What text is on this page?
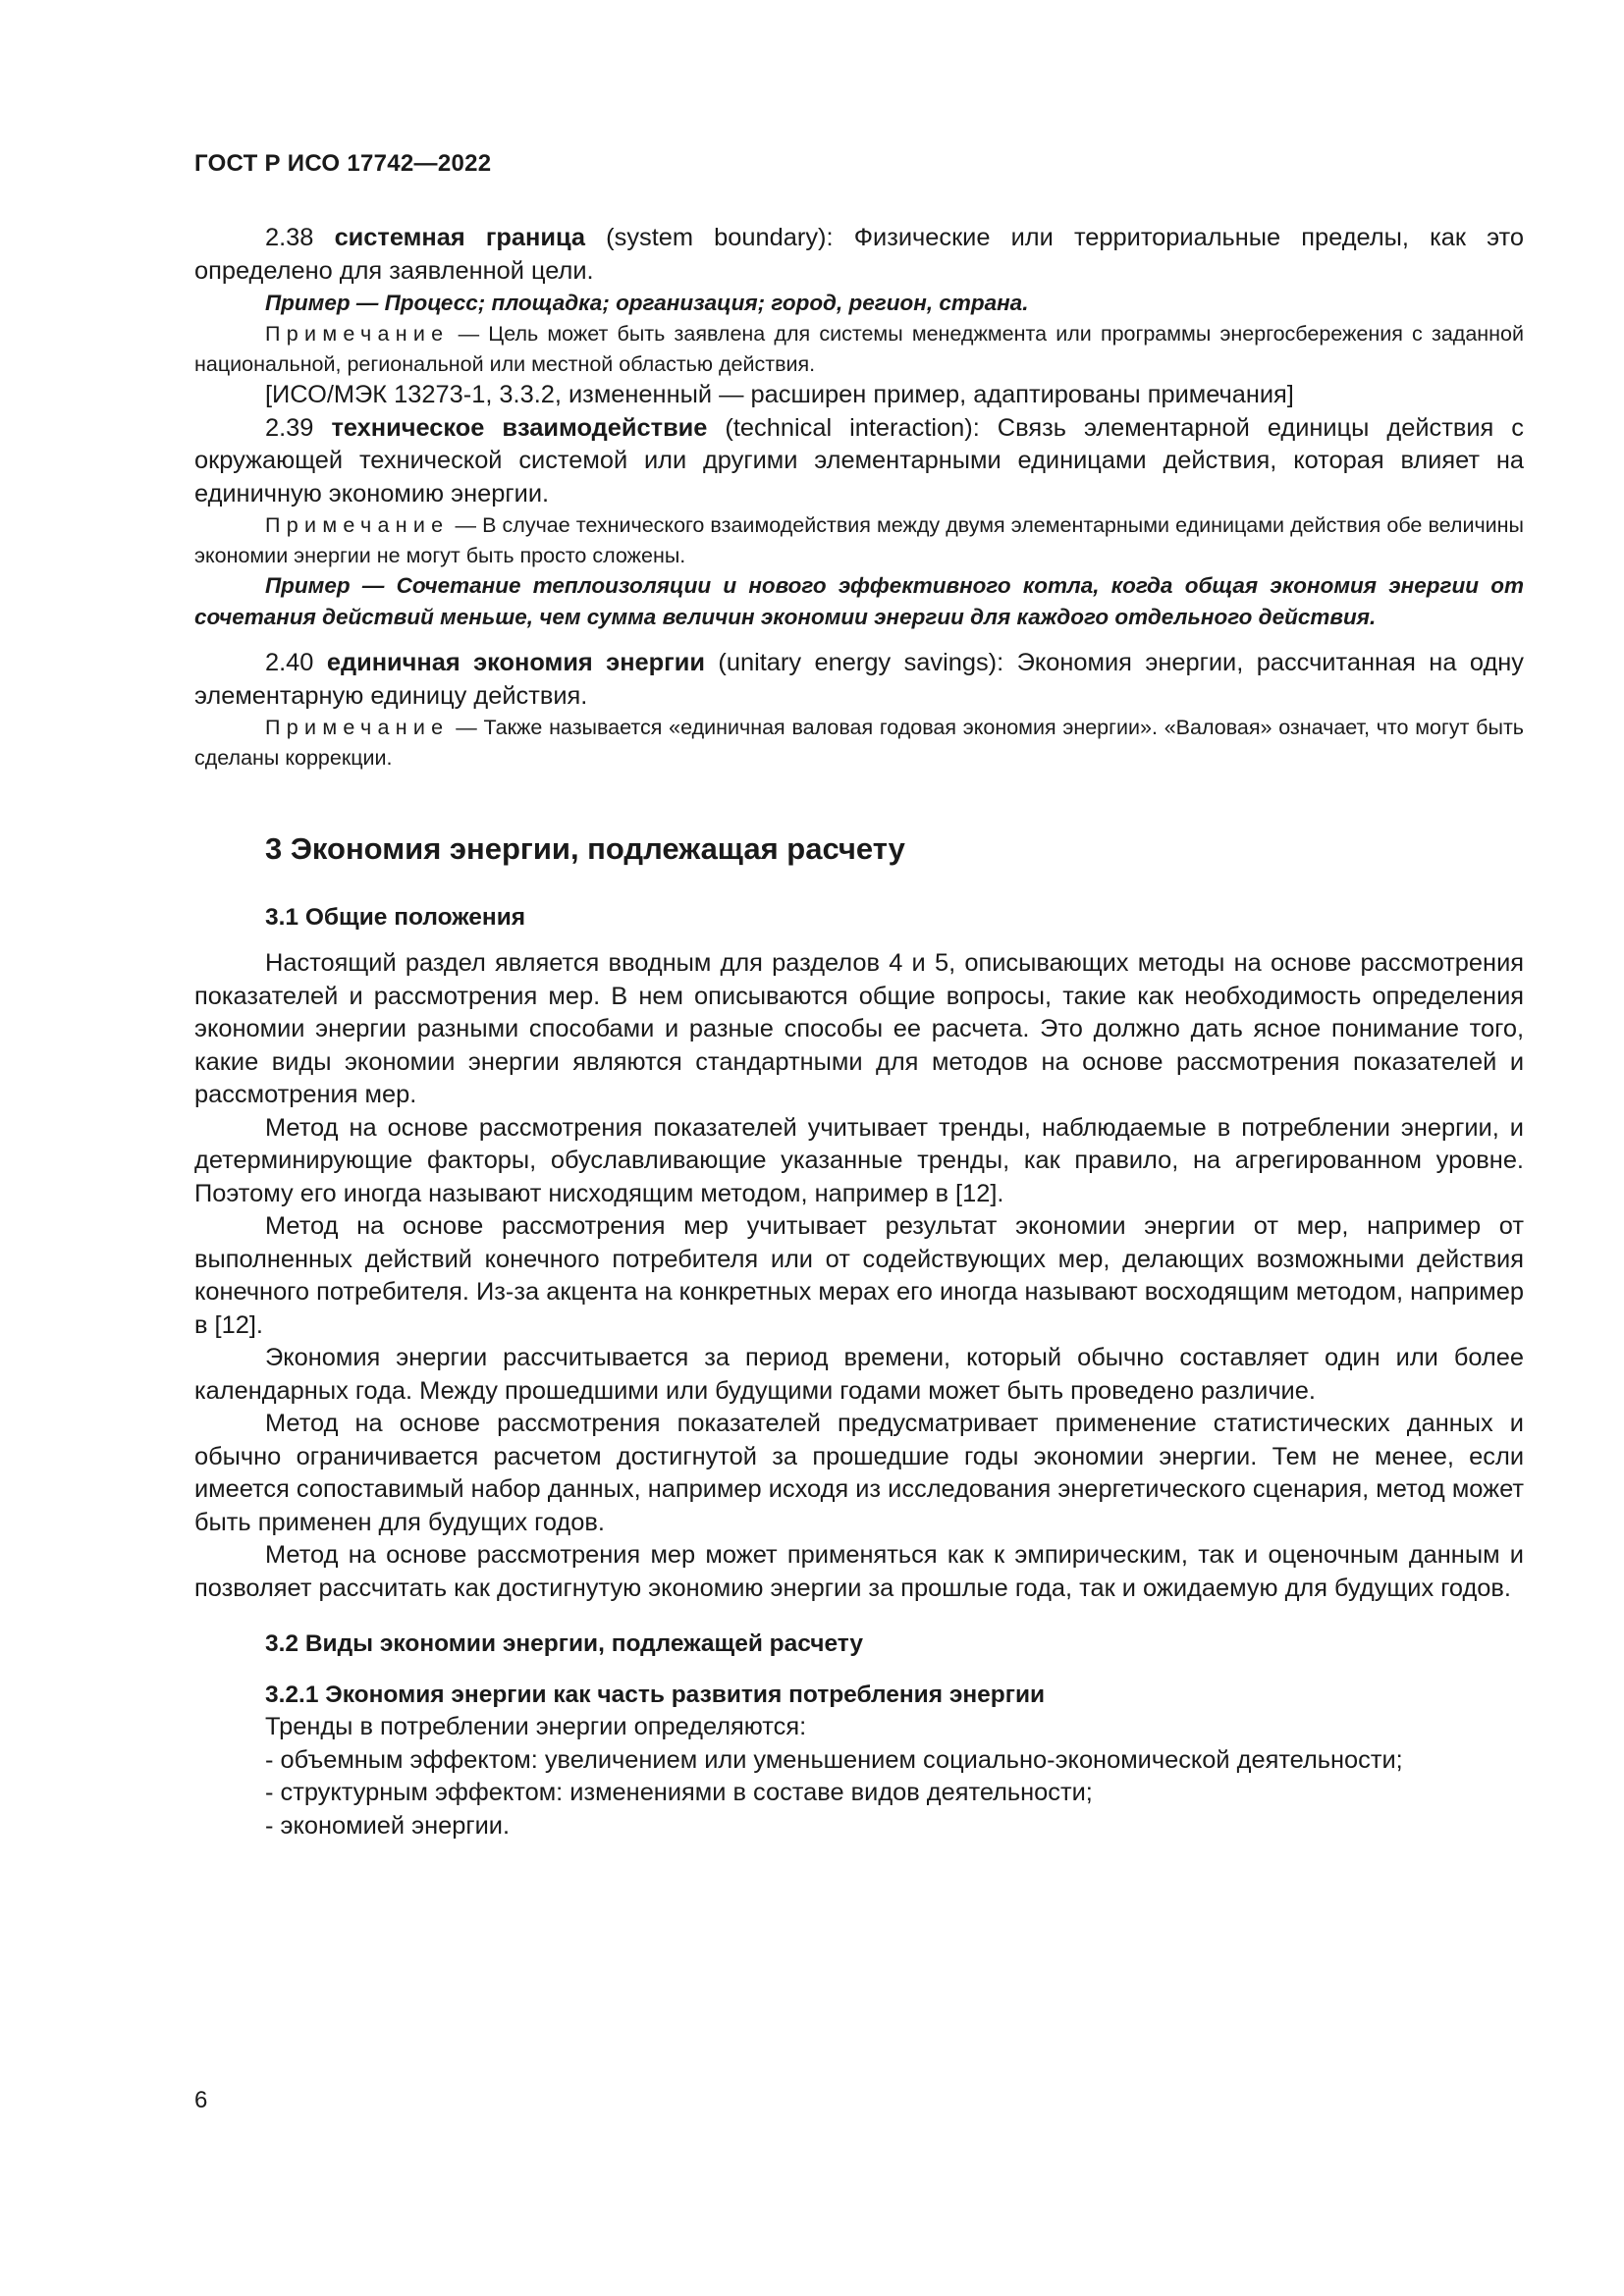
ГОСТ Р ИСО 17742—2022

2.38 системная граница (system boundary): Физические или территориальные пределы, как это определено для заявленной цели.

Пример — Процесс; площадка; организация; город, регион, страна.

Примечание — Цель может быть заявлена для системы менеджмента или программы энергосбережения с заданной национальной, региональной или местной областью действия.

[ИСО/МЭК 13273-1, 3.3.2, измененный — расширен пример, адаптированы примечания]

2.39 техническое взаимодействие (technical interaction): Связь элементарной единицы действия с окружающей технической системой или другими элементарными единицами действия, которая влияет на единичную экономию энергии.

Примечание — В случае технического взаимодействия между двумя элементарными единицами действия обе величины экономии энергии не могут быть просто сложены.

Пример — Сочетание теплоизоляции и нового эффективного котла, когда общая экономия энергии от сочетания действий меньше, чем сумма величин экономии энергии для каждого отдельного действия.

2.40 единичная экономия энергии (unitary energy savings): Экономия энергии, рассчитанная на одну элементарную единицу действия.

Примечание — Также называется «единичная валовая годовая экономия энергии». «Валовая» означает, что могут быть сделаны коррекции.

3 Экономия энергии, подлежащая расчету
3.1 Общие положения

Настоящий раздел является вводным для разделов 4 и 5, описывающих методы на основе рассмотрения показателей и рассмотрения мер. В нем описываются общие вопросы, такие как необходимость определения экономии энергии разными способами и разные способы ее расчета. Это должно дать ясное понимание того, какие виды экономии энергии являются стандартными для методов на основе рассмотрения показателей и рассмотрения мер.

Метод на основе рассмотрения показателей учитывает тренды, наблюдаемые в потреблении энергии, и детерминирующие факторы, обуславливающие указанные тренды, как правило, на агрегированном уровне. Поэтому его иногда называют нисходящим методом, например в [12].

Метод на основе рассмотрения мер учитывает результат экономии энергии от мер, например от выполненных действий конечного потребителя или от содействующих мер, делающих возможными действия конечного потребителя. Из-за акцента на конкретных мерах его иногда называют восходящим методом, например в [12].

Экономия энергии рассчитывается за период времени, который обычно составляет один или более календарных года. Между прошедшими или будущими годами может быть проведено различие.

Метод на основе рассмотрения показателей предусматривает применение статистических данных и обычно ограничивается расчетом достигнутой за прошедшие годы экономии энергии. Тем не менее, если имеется сопоставимый набор данных, например исходя из исследования энергетического сценария, метод может быть применен для будущих годов.

Метод на основе рассмотрения мер может применяться как к эмпирическим, так и оценочным данным и позволяет рассчитать как достигнутую экономию энергии за прошлые года, так и ожидаемую для будущих годов.

3.2 Виды экономии энергии, подлежащей расчету
3.2.1 Экономия энергии как часть развития потребления энергии

Тренды в потреблении энергии определяются:

- объемным эффектом: увеличением или уменьшением социально-экономической деятельности;
- структурным эффектом: изменениями в составе видов деятельности;
- экономией энергии.
6
